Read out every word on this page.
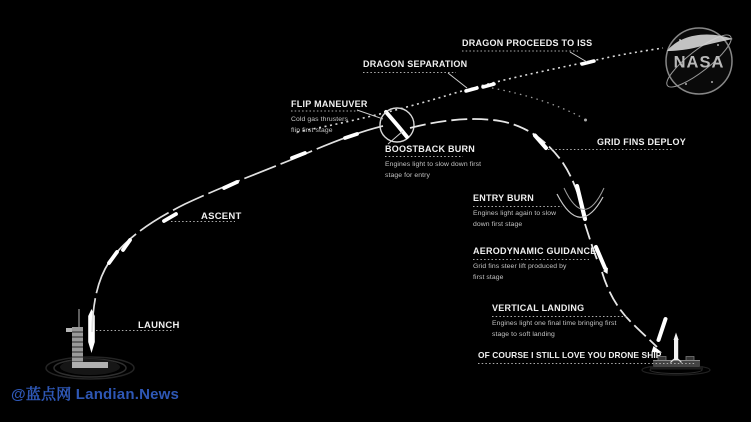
NASA
LAUNCH
ASCENT
FLIP MANEUVER
Cold gas thrusters
flip first stage
BOOSTBACK BURN
Engines light to slow down first
stage for entry
DRAGON SEPARATION
DRAGON PROCEEDS TO ISS
GRID FINS DEPLOY
ENTRY BURN
Engines light again to slow
down first stage
AERODYNAMIC GUIDANCE
Grid fins steer lift produced by
first stage
VERTICAL LANDING
Engines light one final time bringing first
stage to soft landing
OF COURSE I STILL LOVE YOU DRONE SHIP
@蓝点网 Landian.News
